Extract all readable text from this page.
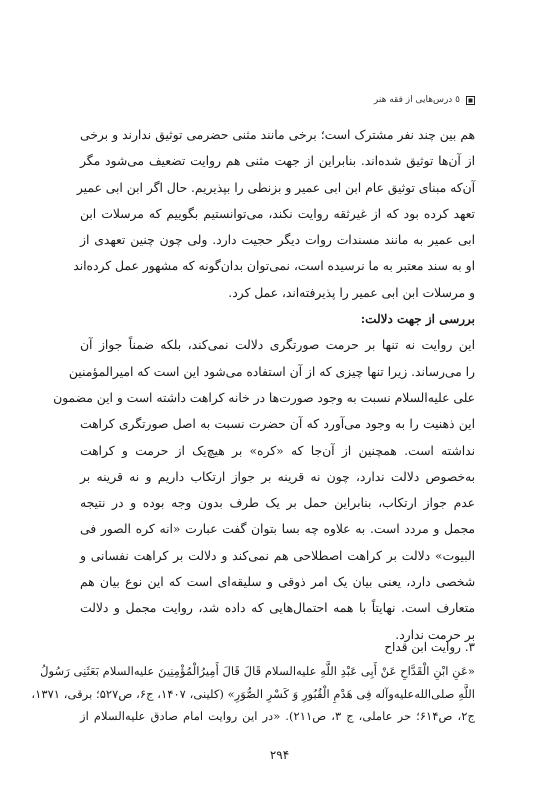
٥ درس‌هایی از فقه هنر
هم بین چند نفر مشترک است؛ برخی مانند مثنی حضرمی توثیق ندارند و برخی
از آن‌ها توثیق شده‌اند. بنابراین از جهت مثنی هم روایت تضعیف می‌شود مگر
آن‌که مبنای توثیق عام ابن ابی عمیر و بزنطی را بپذیریم. حال اگر ابن ابی عمیر
تعهد کرده بود که از غیرثقه روایت نکند، می‌توانستیم بگوییم که مرسلات ابن
ابی عمیر به مانند مسندات روات دیگر حجیت دارد. ولی چون چنین تعهدی از
او به سند معتبر به ما نرسیده است، نمی‌توان بدان‌گونه که مشهور عمل کرده‌اند
و مرسلات ابن ابی عمیر را پذیرفته‌اند، عمل کرد.
بررسی از جهت دلالت:
این روایت نه تنها بر حرمت صورتگری دلالت نمی‌کند، بلکه ضمناً جواز آن
را می‌رساند. زیرا تنها چیزی که از آن استفاده می‌شود این است که امیرالمؤمنین
علی علیه‌السلام نسبت به وجود صورت‌ها در خانه کراهت داشته است و این مضمون
این ذهنیت را به وجود می‌آورد که آن حضرت نسبت به اصل صورتگری کراهت
نداشته است. همچنین از آن‌جا که «کره» بر هیچ‌یک از حرمت و کراهت
به‌خصوص دلالت ندارد، چون نه قرینه بر جواز ارتکاب داریم و نه قرینه بر
عدم جواز ارتکاب، بنابراین حمل بر یک طرف بدون وجه بوده و در نتیجه
مجمل و مردد است. به علاوه چه بسا بتوان گفت عبارت «انه کره الصور فی
البیوت» دلالت بر کراهت اصطلاحی هم نمی‌کند و دلالت بر کراهت نفسانی و
شخصی دارد، یعنی بیان یک امر ذوقی و سلیقه‌ای است که این نوع بیان هم
متعارف است. نهایتاً با همه احتمال‌هایی که داده شد، روایت مجمل و دلالت
بر حرمت ندارد.
۳. روایت ابن قداح
«عَنِ ابْنِ الْقَدَّاحِ عَنْ أَبِی عَبْدِ اللَّهِ علیه‌السلام قَالَ قَالَ أَمِیرُالْمُؤْمِنِینَ علیه‌السلام بَعَثَنِی رَسُولُ
اللَّهِ صلی‌الله‌علیه‌وآله فِی هَدْمِ الْقُبُورِ وَ کَسْرِ الصُّوَرِ» (کلینی، ۱۴۰۷، ج۶، ص۵۲۷؛ برقی، ۱۳۷۱،
ج۲، ص۶۱۴؛ حر عاملی، ج ۳، ص۲۱۱). «در این روایت امام صادق علیه‌السلام از
۲۹۴
